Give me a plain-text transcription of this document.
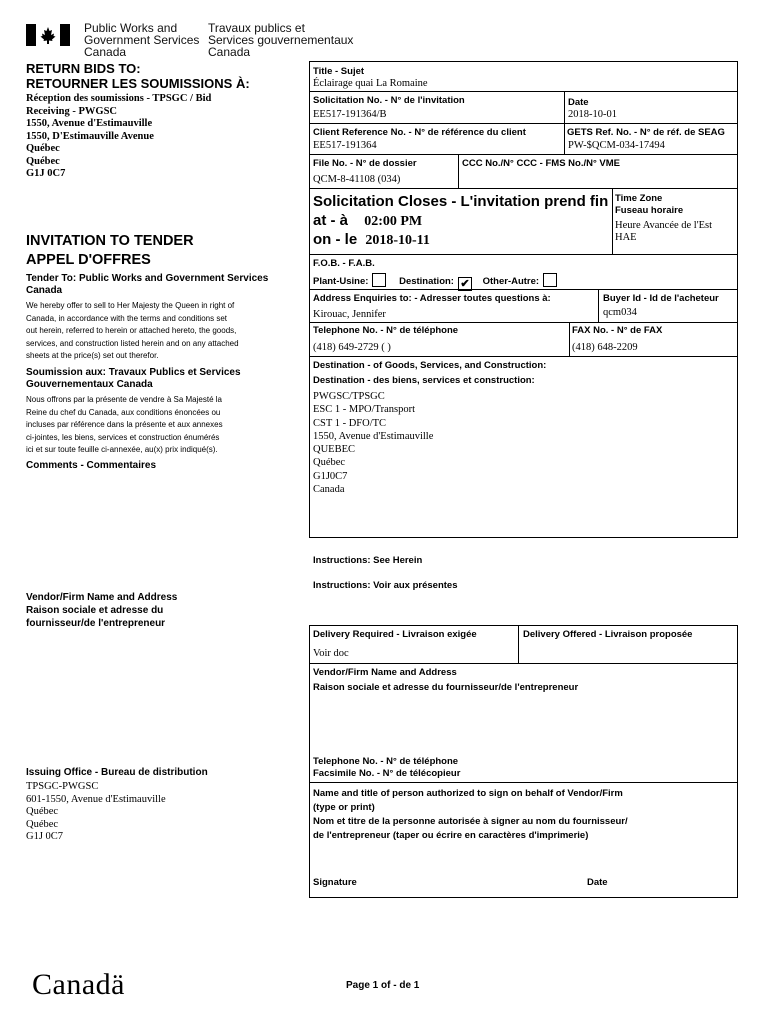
Public Works and
Government Services
Canada
Travaux publics et
Services gouvernementaux
Canada
RETURN BIDS TO:
RETOURNER LES SOUMISSIONS À:
Réception des soumissions - TPSGC / Bid
Receiving - PWGSC
1550, Avenue d'Estimauville
1550, D'Estimauville Avenue
Québec
Québec
G1J 0C7
INVITATION TO TENDER
APPEL D'OFFRES
Tender To: Public Works and Government Services Canada
We hereby offer to sell to Her Majesty the Queen in right of
Canada, in accordance with the terms and conditions set
out herein, referred to herein or attached hereto, the goods,
services, and construction listed herein and on any attached
sheets at the price(s) set out therefor.
Soumission aux: Travaux Publics et Services Gouvernementaux Canada
Nous offrons par la présente de vendre à Sa Majesté la
Reine du chef du Canada, aux conditions énoncées ou
incluses par référence dans la présente et aux annexes
ci-jointes, les biens, services et construction énumérés
ici et sur toute feuille ci-annexée, au(x) prix indiqué(s).
Comments - Commentaires
Vendor/Firm Name and Address
Raison sociale et adresse du
fournisseur/de l'entrepreneur
Issuing Office - Bureau de distribution
TPSGC-PWGSC
601-1550, Avenue d'Estimauville
Québec
Québec
G1J 0C7
Title - Sujet
Éclairage quai La Romaine
Solicitation No. - N° de l'invitation
EE517-191364/B
Date
2018-10-01
Client Reference No. - N° de référence du client
EE517-191364
GETS Ref. No. - N° de réf. de SEAG
PW-$QCM-034-17494
File No. - N° de dossier
QCM-8-41108 (034)
CCC No./N° CCC - FMS No./N° VME
Solicitation Closes - L'invitation prend fin
at - à 02:00 PM
on - le 2018-10-11
Time Zone
Fuseau horaire
Heure Avancée de l'Est
HAE
F.O.B. - F.A.B.
Plant-Usine:	Destination: ✔ Other-Autre:
Address Enquiries to: - Adresser toutes questions à:
Kirouac, Jennifer
Buyer Id - Id de l'acheteur
qcm034
Telephone No. - N° de téléphone
(418) 649-2729 ( )
FAX No. - N° de FAX
(418) 648-2209
Destination - of Goods, Services, and Construction:
Destination - des biens, services et construction:
PWGSC/TPSGC
ESC 1 - MPO/Transport
CST 1 - DFO/TC
1550, Avenue d'Estimauville
QUEBEC
Québec
G1J0C7
Canada
Instructions: See Herein
Instructions: Voir aux présentes
Delivery Required - Livraison exigée
Voir doc
Delivery Offered - Livraison proposée
Vendor/Firm Name and Address
Raison sociale et adresse du fournisseur/de l'entrepreneur
Telephone No. - N° de téléphone
Facsimile No. - N° de télécopieur
Name and title of person authorized to sign on behalf of Vendor/Firm
(type or print)
Nom et titre de la personne autorisée à signer au nom du fournisseur/
de l'entrepreneur (taper ou écrire en caractères d'imprimerie)
Signature	Date
Canadä	Page 1 of - de 1
